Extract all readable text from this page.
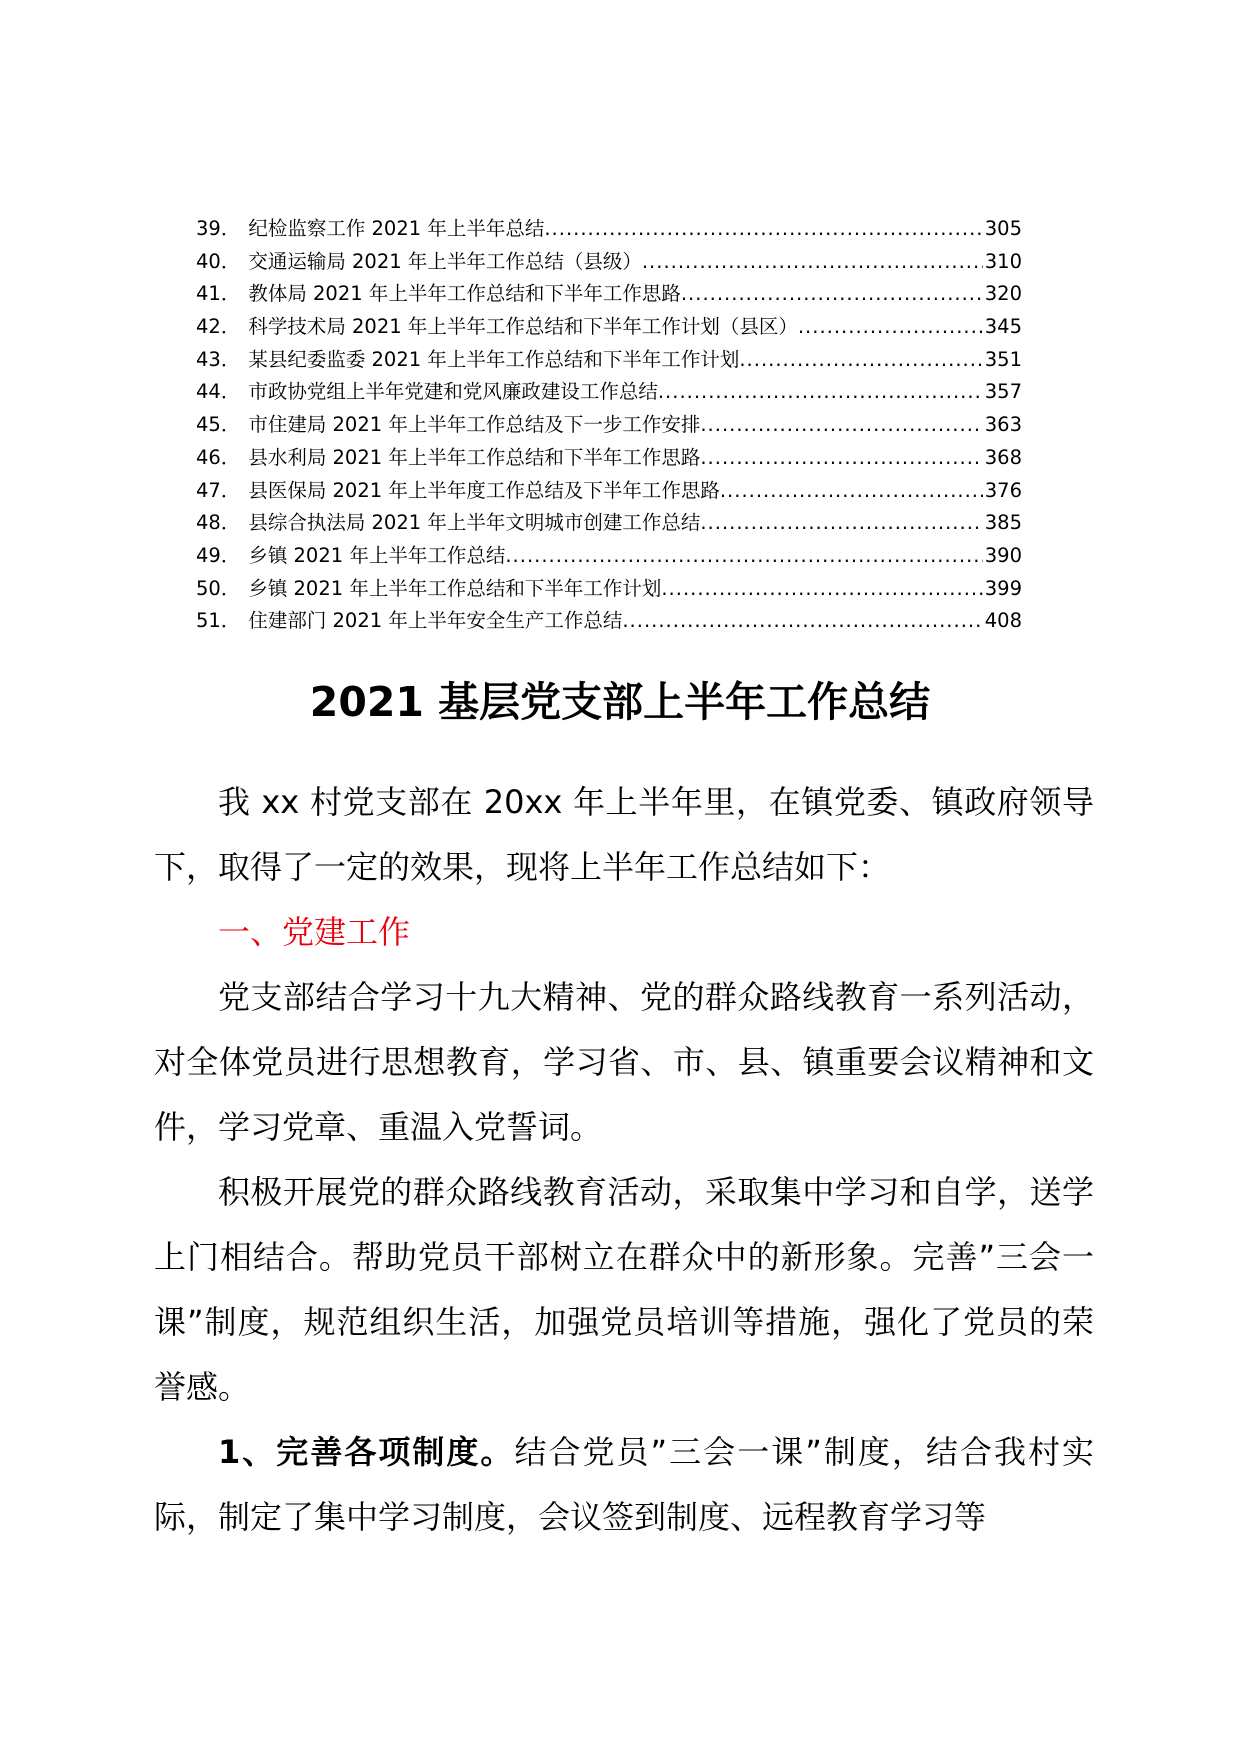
39． 纪检监察工作 2021 年上半年总结 .....	305
40． 交通运输局 2021 年上半年工作总结（县级） .....	310
41． 教体局 2021 年上半年工作总结和下半年工作思路 .....	320
42． 科学技术局 2021 年上半年工作总结和下半年工作计划（县区） .....	345
43． 某县纪委监委 2021 年上半年工作总结和下半年工作计划 .....	351
44． 市政协党组上半年党建和党风廉政建设工作总结 .....	357
45． 市住建局 2021 年上半年工作总结及下一步工作安排 .....	363
46． 县水利局 2021 年上半年工作总结和下半年工作思路 .....	368
47． 县医保局 2021 年上半年度工作总结及下半年工作思路 .....	376
48． 县综合执法局 2021 年上半年文明城市创建工作总结 .....	385
49． 乡镇 2021 年上半年工作总结 .....	390
50． 乡镇 2021 年上半年工作总结和下半年工作计划 .....	399
51． 住建部门 2021 年上半年安全生产工作总结 .....	408
2021 基层党支部上半年工作总结

我 xx 村党支部在 20xx 年上半年里，在镇党委、镇政府领导下，取得了一定的效果，现将上半年工作总结如下：

一、党建工作

党支部结合学习十九大精神、党的群众路线教育一系列活动，对全体党员进行思想教育，学习省、市、县、镇重要会议精神和文件，学习党章、重温入党誓词。

积极开展党的群众路线教育活动，采取集中学习和自学，送学上门相结合。帮助党员干部树立在群众中的新形象。完善”三会一课”制度，规范组织生活，加强党员培训等措施，强化了党员的荣誉感。

1、完善各项制度。结合党员”三会一课”制度，结合我村实际，制定了集中学习制度，会议签到制度、远程教育学习等
